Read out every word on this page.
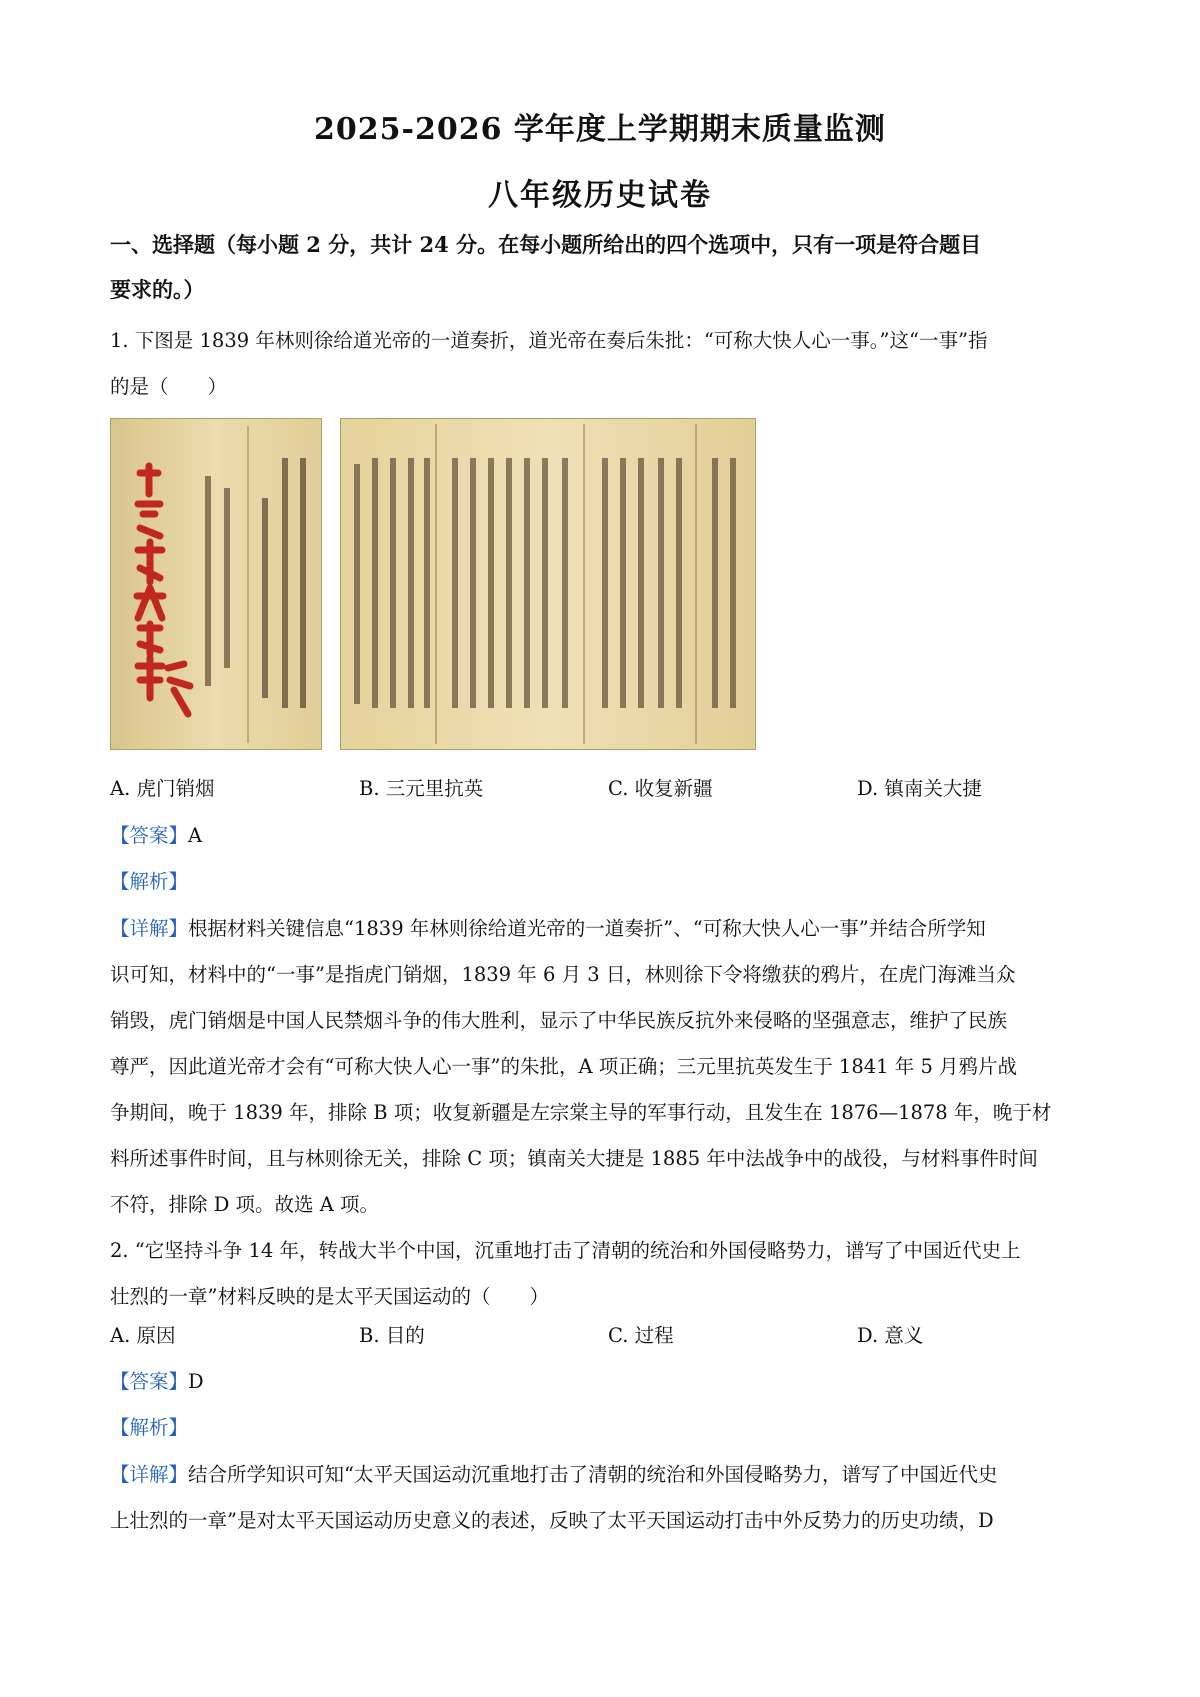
2025-2026 学年度上学期期末质量监测
八年级历史试卷
一、选择题（每小题 2 分，共计 24 分。在每小题所给出的四个选项中，只有一项是符合题目
要求的。）
1. 下图是 1839 年林则徐给道光帝的一道奏折，道光帝在奏后朱批：“可称大快人心一事。”这“一事”指
的是（　　）
A. 虎门销烟	B. 三元里抗英	C. 收复新疆	D. 镇南关大捷
【答案】A
【解析】
【详解】根据材料关键信息“1839 年林则徐给道光帝的一道奏折”、“可称大快人心一事”并结合所学知
识可知，材料中的“一事”是指虎门销烟，1839 年 6 月 3 日，林则徐下令将缴获的鸦片，在虎门海滩当众
销毁，虎门销烟是中国人民禁烟斗争的伟大胜利，显示了中华民族反抗外来侵略的坚强意志，维护了民族
尊严，因此道光帝才会有“可称大快人心一事”的朱批，A 项正确；三元里抗英发生于 1841 年 5 月鸦片战
争期间，晚于 1839 年，排除 B 项；收复新疆是左宗棠主导的军事行动，且发生在 1876—1878 年，晚于材
料所述事件时间，且与林则徐无关，排除 C 项；镇南关大捷是 1885 年中法战争中的战役，与材料事件时间
不符，排除 D 项。故选 A 项。
2. “它坚持斗争 14 年，转战大半个中国，沉重地打击了清朝的统治和外国侵略势力，谱写了中国近代史上
壮烈的一章”材料反映的是太平天国运动的（　　）
A. 原因	B. 目的	C. 过程	D. 意义
【答案】D
【解析】
【详解】结合所学知识可知“太平天国运动沉重地打击了清朝的统治和外国侵略势力，谱写了中国近代史
上壮烈的一章”是对太平天国运动历史意义的表述，反映了太平天国运动打击中外反势力的历史功绩，D
